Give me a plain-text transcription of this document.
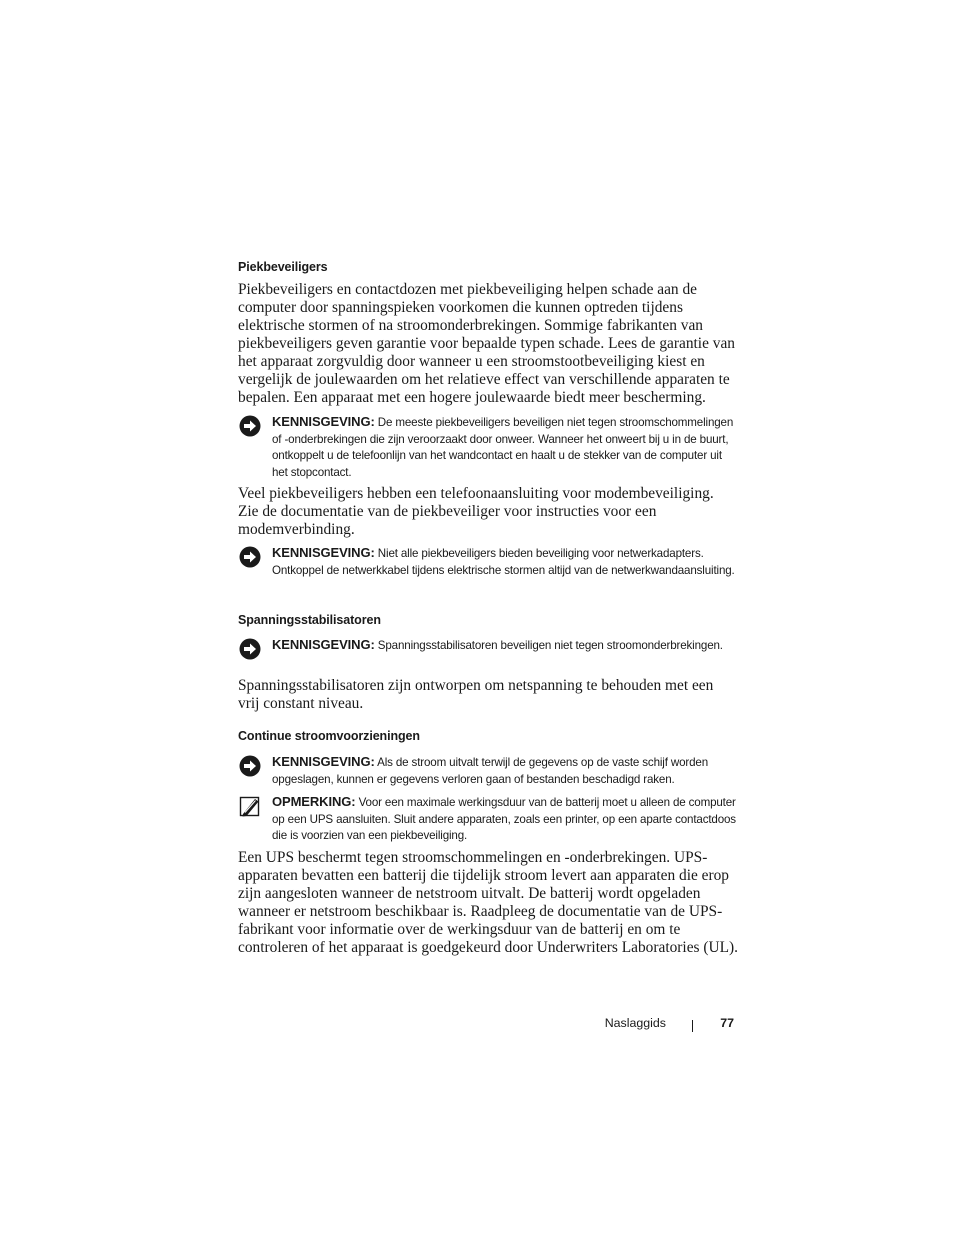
Piekbeveiligers

Piekbeveiligers en contactdozen met piekbeveiliging helpen schade aan de computer door spanningspieken voorkomen die kunnen optreden tijdens elektrische stormen of na stroomonderbrekingen. Sommige fabrikanten van piekbeveiligers geven garantie voor bepaalde typen schade. Lees de garantie van het apparaat zorgvuldig door wanneer u een stroomstootbeveiliging kiest en vergelijk de joulewaarden om het relatieve effect van verschillende apparaten te bepalen. Een apparaat met een hogere joulewaarde biedt meer bescherming.

KENNISGEVING: De meeste piekbeveiligers beveiligen niet tegen stroomschommelingen of -onderbrekingen die zijn veroorzaakt door onweer. Wanneer het onweert bij u in de buurt, ontkoppelt u de telefoonlijn van het wandcontact en haalt u de stekker van de computer uit het stopcontact.

Veel piekbeveiligers hebben een telefoonaansluiting voor modembeveiliging. Zie de documentatie van de piekbeveiliger voor instructies voor een modemverbinding.

KENNISGEVING: Niet alle piekbeveiligers bieden beveiliging voor netwerkadapters. Ontkoppel de netwerkkabel tijdens elektrische stormen altijd van de netwerkwandaansluiting.
Spanningsstabilisatoren
KENNISGEVING: Spanningsstabilisatoren beveiligen niet tegen stroomonderbrekingen.

Spanningsstabilisatoren zijn ontworpen om netspanning te behouden met een vrij constant niveau.

Continue stroomvoorzieningen
KENNISGEVING: Als de stroom uitvalt terwijl de gegevens op de vaste schijf worden opgeslagen, kunnen er gegevens verloren gaan of bestanden beschadigd raken.
OPMERKING: Voor een maximale werkingsduur van de batterij moet u alleen de computer op een UPS aansluiten. Sluit andere apparaten, zoals een printer, op een aparte contactdoos die is voorzien van een piekbeveiliging.

Een UPS beschermt tegen stroomschommelingen en -onderbrekingen. UPS-apparaten bevatten een batterij die tijdelijk stroom levert aan apparaten die erop zijn aangesloten wanneer de netstroom uitvalt. De batterij wordt opgeladen wanneer er netstroom beschikbaar is. Raadpleeg de documentatie van de UPS-fabrikant voor informatie over de werkingsduur van de batterij en om te controleren of het apparaat is goedgekeurd door Underwriters Laboratories (UL).

Naslaggids	77
